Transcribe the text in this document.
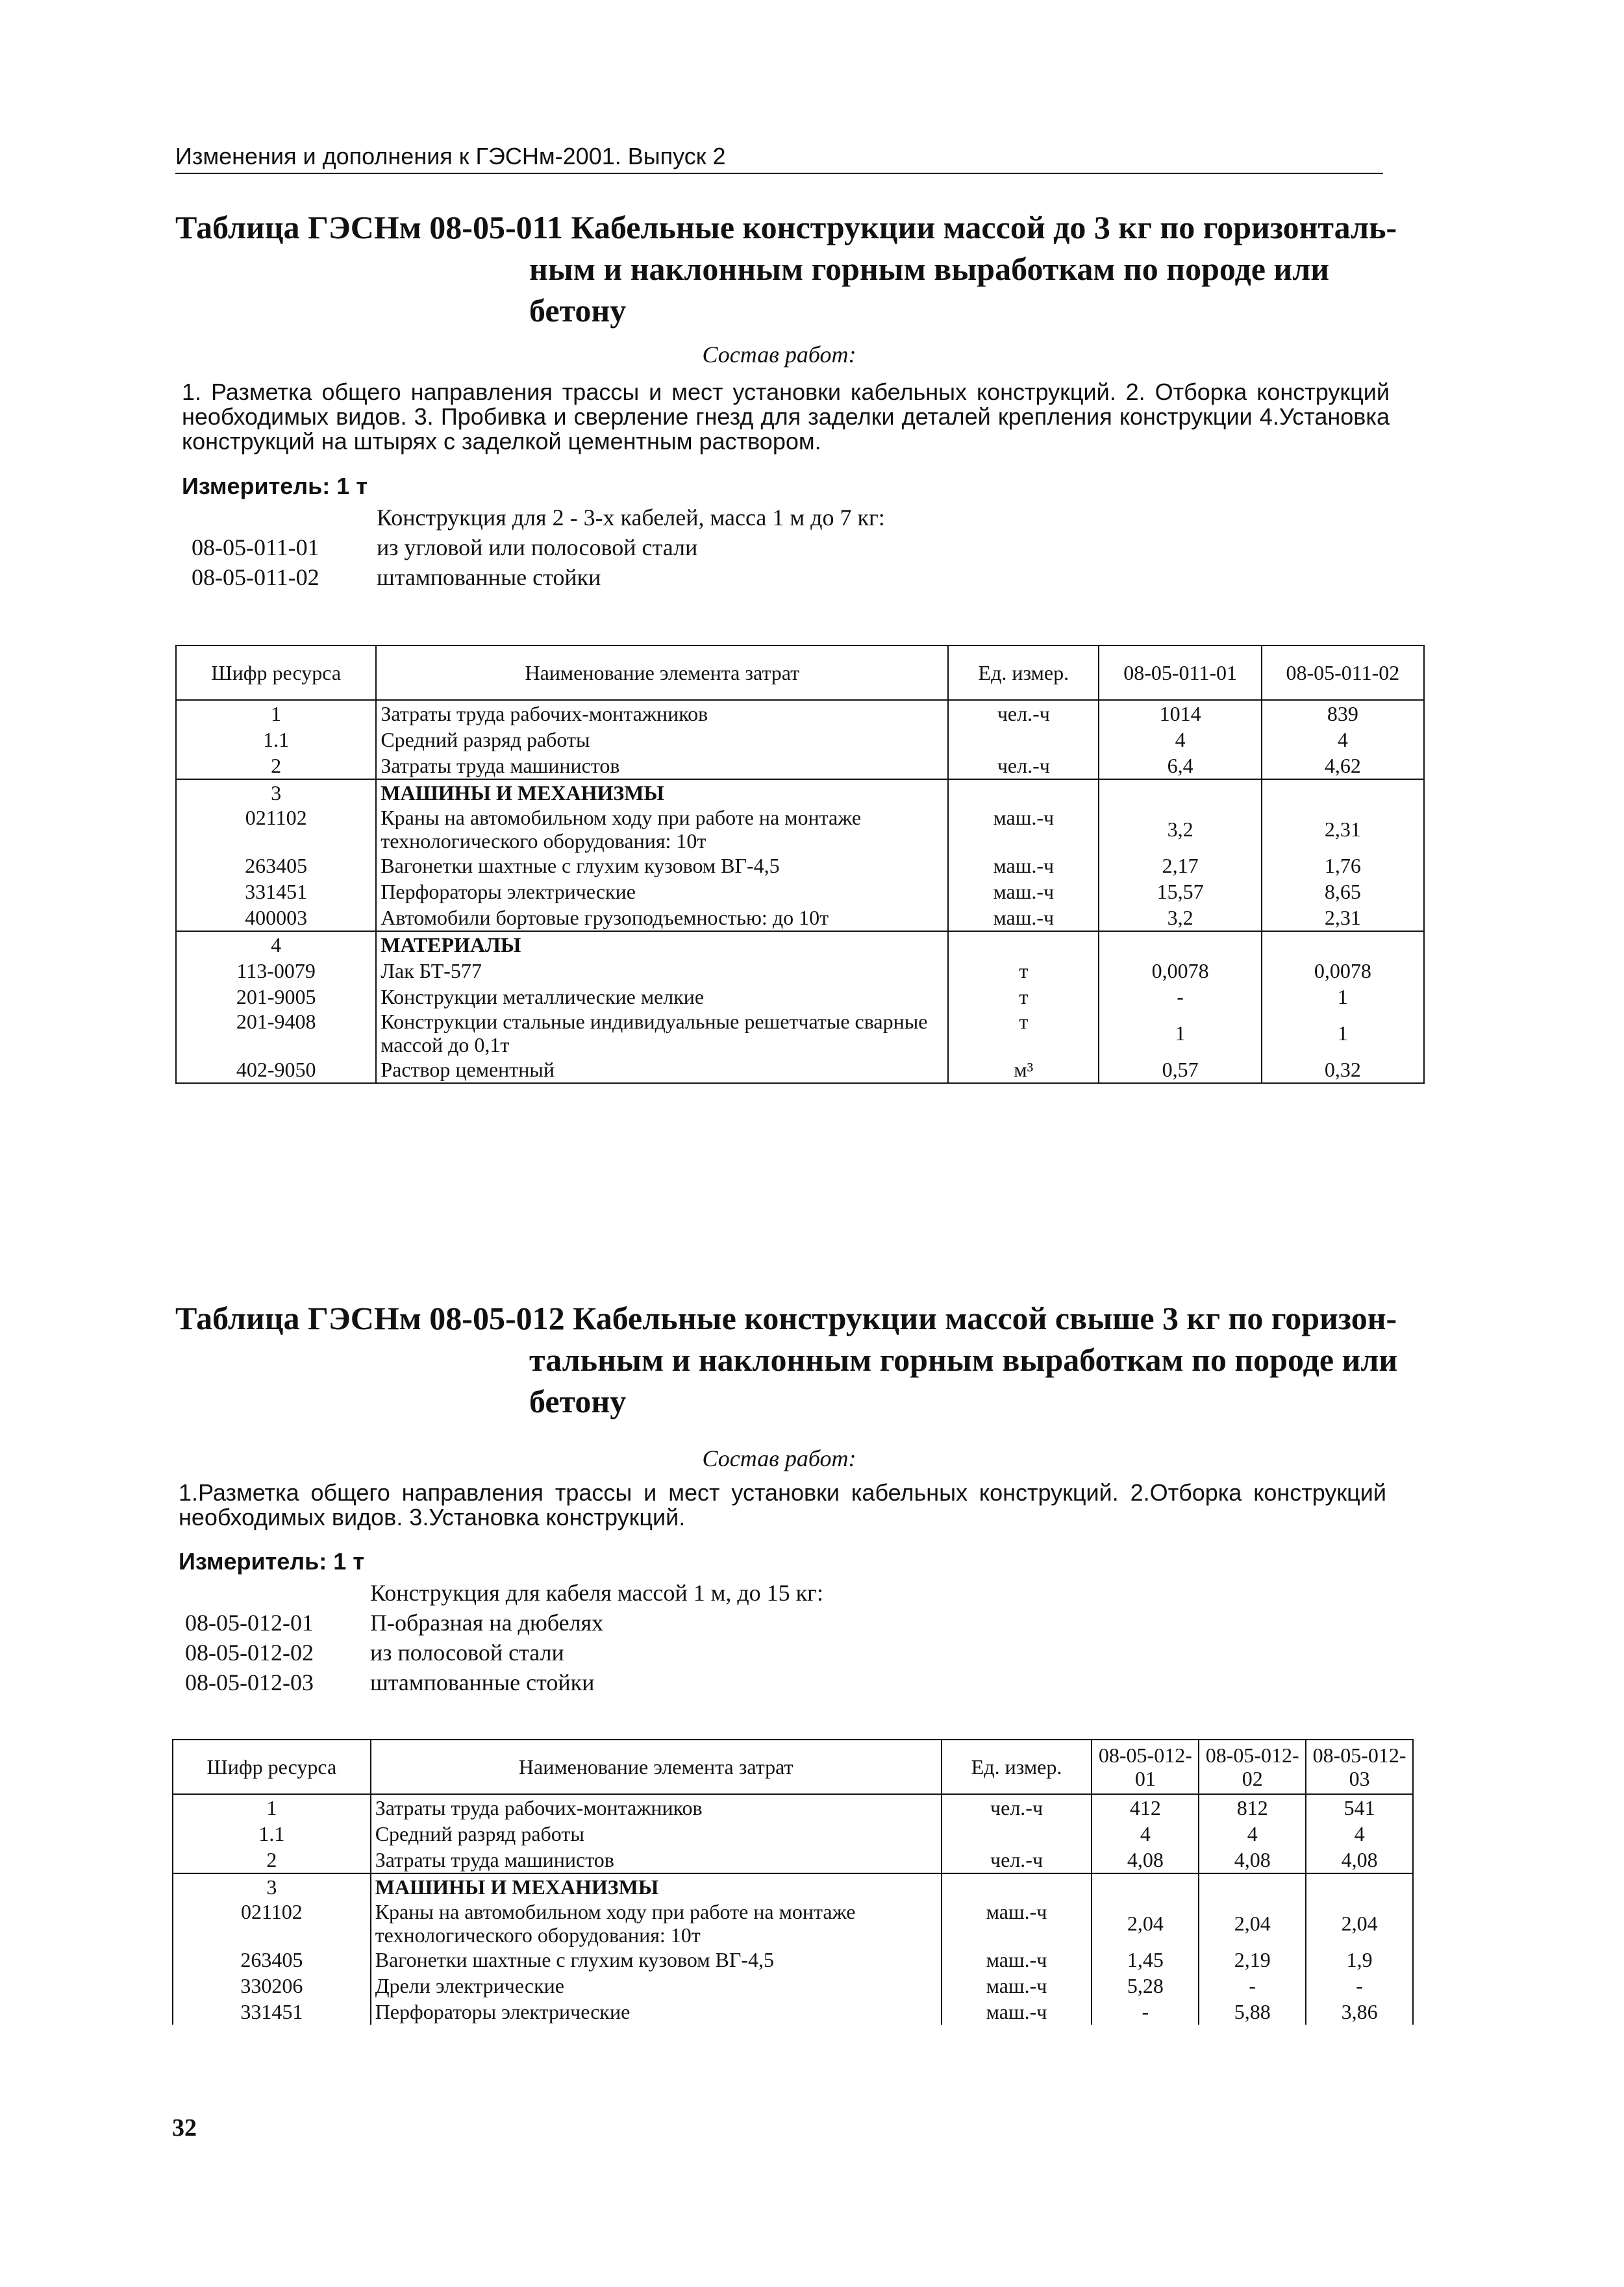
Изменения и дополнения к ГЭСНм-2001. Выпуск 2
Таблица ГЭСНм 08-05-011 Кабельные конструкции массой до 3 кг по горизонталь-
ным и наклонным горным выработкам по породе или
бетону
Состав работ:
1. Разметка общего направления трассы и мест установки кабельных конструкций. 2. Отборка конструкций необходимых видов. 3. Пробивка и сверление гнезд для заделки деталей крепления конструкции 4.Установка конструкций на штырях с заделкой цементным раствором.
Измеритель: 1 т
Конструкция для 2 - 3-х кабелей, масса 1 м до 7 кг:
08-05-011-01 из угловой или полосовой стали
08-05-011-02 штампованные стойки
Шифр ресурса	Наименование элемента затрат	Ед. измер.	08-05-011-01	08-05-011-02
1	Затраты труда рабочих-монтажников	чел.-ч	1014	839
1.1	Средний разряд работы		4	4
2	Затраты труда машинистов	чел.-ч	6,4	4,62
3	МАШИНЫ И МЕХАНИЗМЫ			
021102	Краны на автомобильном ходу при работе на монтаже технологического оборудования: 10т	маш.-ч	3,2	2,31
263405	Вагонетки шахтные с глухим кузовом ВГ-4,5	маш.-ч	2,17	1,76
331451	Перфораторы электрические	маш.-ч	15,57	8,65
400003	Автомобили бортовые грузоподъемностью: до 10т	маш.-ч	3,2	2,31
4	МАТЕРИАЛЫ			
113-0079	Лак БТ-577	т	0,0078	0,0078
201-9005	Конструкции металлические мелкие	т	-	1
201-9408	Конструкции стальные индивидуальные решетчатые сварные массой до 0,1т	т	1	1
402-9050	Раствор цементный	м³	0,57	0,32
Таблица ГЭСНм 08-05-012 Кабельные конструкции массой свыше 3 кг по горизон-
тальным и наклонным горным выработкам по породе или
бетону
Состав работ:
1.Разметка общего направления трассы и мест установки кабельных конструкций. 2.Отборка конструкций необходимых видов. 3.Установка конструкций.
Измеритель: 1 т
Конструкция для кабеля массой 1 м, до 15 кг:
08-05-012-01 П-образная на дюбелях
08-05-012-02 из полосовой стали
08-05-012-03 штампованные стойки
Шифр ресурса	Наименование элемента затрат	Ед. измер.	08-05-012-01	08-05-012-02	08-05-012-03
1	Затраты труда рабочих-монтажников	чел.-ч	412	812	541
1.1	Средний разряд работы		4	4	4
2	Затраты труда машинистов	чел.-ч	4,08	4,08	4,08
3	МАШИНЫ И МЕХАНИЗМЫ				
021102	Краны на автомобильном ходу при работе на монтаже технологического оборудования: 10т	маш.-ч	2,04	2,04	2,04
263405	Вагонетки шахтные с глухим кузовом ВГ-4,5	маш.-ч	1,45	2,19	1,9
330206	Дрели электрические	маш.-ч	5,28	-	-
331451	Перфораторы электрические	маш.-ч	-	5,88	3,86
32
